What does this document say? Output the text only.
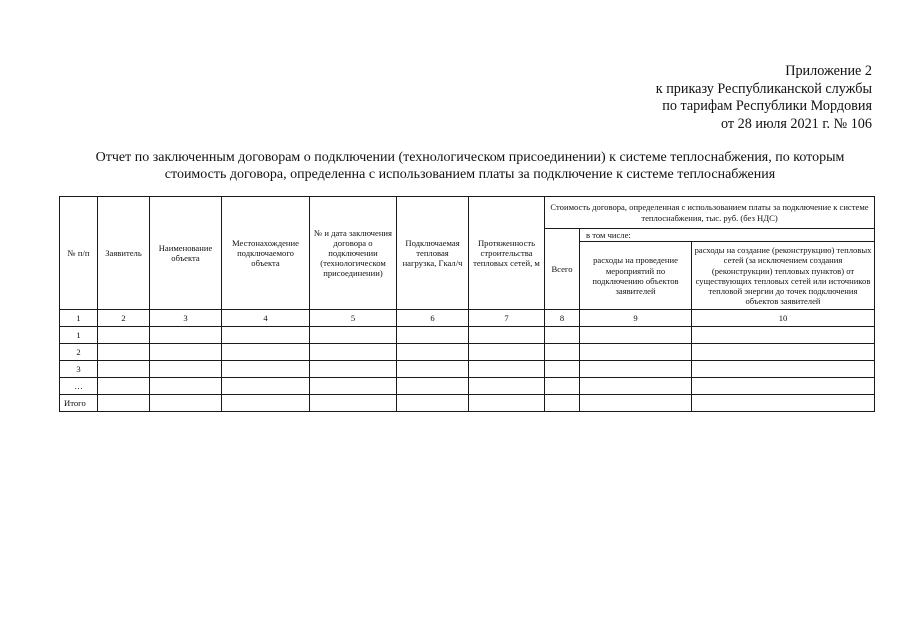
Приложение 2
к приказу Республиканской службы
по тарифам Республики Мордовия
от 28 июля 2021 г. № 106
Отчет по заключенным договорам о подключении (технологическом присоединении) к системе теплоснабжения, по которым
стоимость договора, определенна с использованием платы за подключение к системе теплоснабжения
№ п/п	Заявитель	Наименование объекта	Местонахождение подключаемого объекта	№ и дата заключения договора о подключении (технологическом присоединении)	Подключаемая тепловая нагрузка, Гкал/ч	Протяженность строительства тепловых сетей, м	Стоимость договора, определенная с использованием платы за подключение к системе теплоснабжения, тыс. руб. (без НДС)		
							Всего	в том числе:	
								расходы на проведение мероприятий по подключению объектов заявителей	расходы на создание (реконструкцию) тепловых сетей (за исключением создания (реконструкции) тепловых пунктов) от существующих тепловых сетей или источников тепловой энергии до точек подключения объектов заявителей
1	2	3	4	5	6	7	8	9	10
1									
2									
3									
…									
Итого									
